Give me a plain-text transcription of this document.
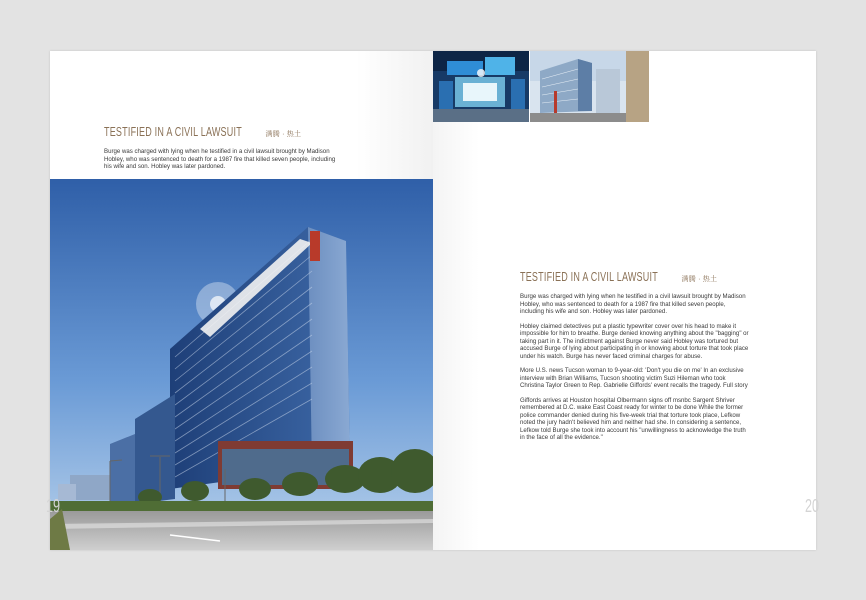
TESTIFIED IN A CIVIL LAWSUIT	满腾 · 热土

Burge was charged with lying when he testified in a civil lawsuit brought by Madison Hobley, who was sentenced to death for a 1987 fire that killed seven people, including his wife and son. Hobley was later pardoned.

19
TESTIFIED IN A CIVIL LAWSUIT	满腾 · 热土

Burge was charged with lying when he testified in a civil lawsuit brought by Madison Hobley, who was sentenced to death for a 1987 fire that killed seven people, including his wife and son. Hobley was later pardoned.

Hobley claimed detectives put a plastic typewriter cover over his head to make it impossible for him to breathe. Burge denied knowing anything about the "bagging" or taking part in it. The indictment against Burge never said Hobley was tortured but accused Burge of lying about participating in or knowing about torture that took place under his watch. Burge has never faced criminal charges for abuse.

More U.S. news Tucson woman to 9-year-old: 'Don't you die on me' In an exclusive interview with Brian Williams, Tucson shooting victim Suzi Hileman who took Christina Taylor Green to Rep. Gabrielle Giffords' event recalls the tragedy. Full story

Giffords arrives at Houston hospital Olbermann signs off msnbc Sargent Shriver remembered at D.C. wake East Coast ready for winter to be done While the former police commander denied during his five-week trial that torture took place, Lefkow noted the jury hadn't believed him and neither had she. In considering a sentence, Lefkow told Burge she took into account his "unwillingness to acknowledge the truth in the face of all the evidence."

20
